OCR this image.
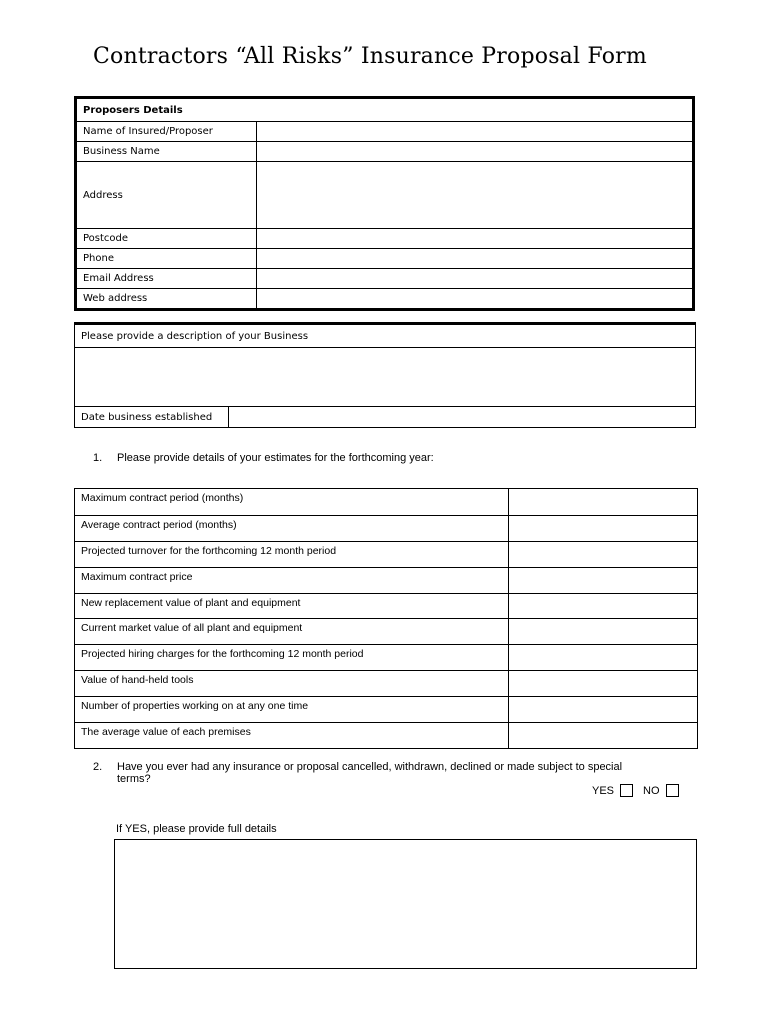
Contractors “All Risks” Insurance Proposal Form
Proposers Details
Name of Insured/Proposer
Business Name
Address
Postcode
Phone
Email Address
Web address
Please provide a description of your Business
Date business established
1. Please provide details of your estimates for the forthcoming year:
Maximum contract period (months)
Average contract period (months)
Projected turnover for the forthcoming 12 month period
Maximum contract price
New replacement value of plant and equipment
Current market value of all plant and equipment
Projected hiring charges for the forthcoming 12 month period
Value of hand-held tools
Number of properties working on at any one time
The average value of each premises
2. Have you ever had any insurance or proposal cancelled, withdrawn, declined or made subject to special
terms?
YES	NO
If YES, please provide full details
